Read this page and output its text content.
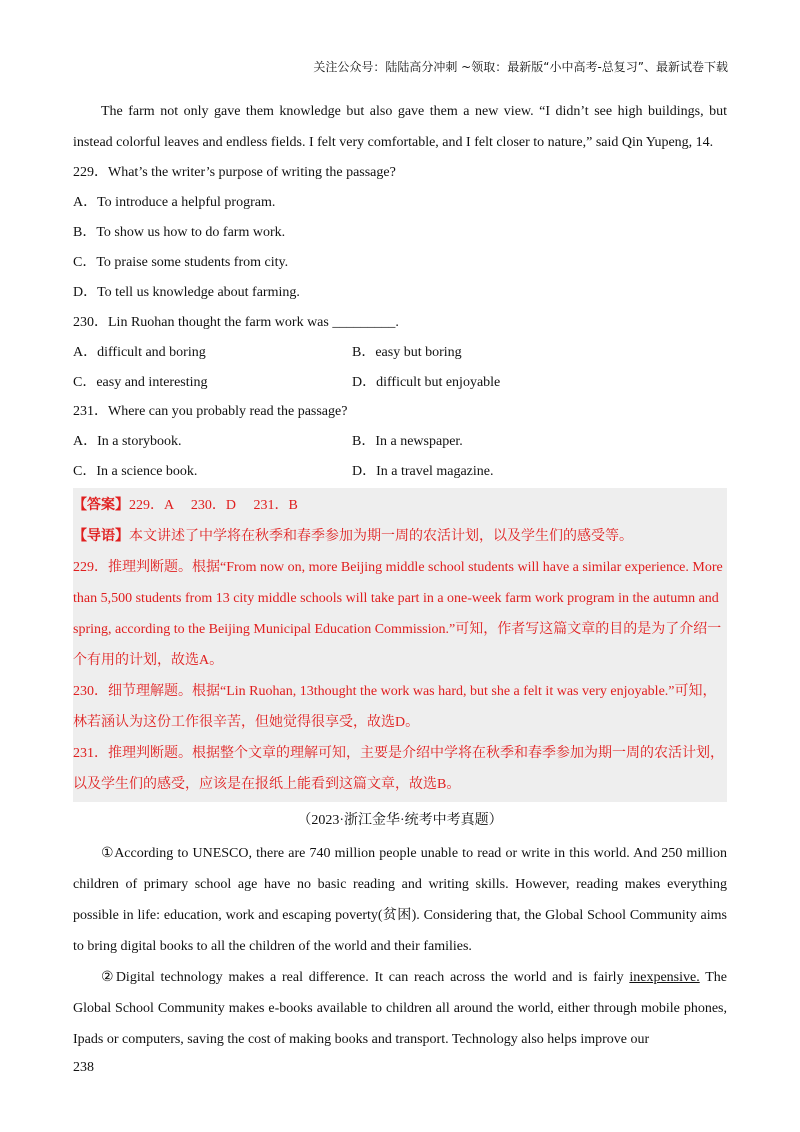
关注公众号：陆陆高分冲刺 ~领取：最新版“小中高考-总复习”、最新试卷下载

The farm not only gave them knowledge but also gave them a new view. “I didn’t see high buildings, but instead colorful leaves and endless fields. I felt very comfortable, and I felt closer to nature,” said Qin Yupeng, 14.

229．What’s the writer’s purpose of writing the passage?

A．To introduce a helpful program.

B．To show us how to do farm work.

C．To praise some students from city.

D．To tell us knowledge about farming.

230．Lin Ruohan thought the farm work was _________.

A．difficult and boring	B．easy but boring
C．easy and interesting	D．difficult but enjoyable

231．Where can you probably read the passage?

A．In a storybook.	B．In a newspaper.
C．In a science book.	D．In a travel magazine.

【答案】229．A 230．D 231．B

【导语】本文讲述了中学将在秋季和春季参加为期一周的农活计划，以及学生们的感受等。

229．推理判断题。根据“From now on, more Beijing middle school students will have a similar experience. More than 5,500 students from 13 city middle schools will take part in a one-week farm work program in the autumn and spring, according to the Beijing Municipal Education Commission.”可知，作者写这篇文章的目的是为了介绍一个有用的计划，故选A。

230．细节理解题。根据“Lin Ruohan, 13thought the work was hard, but she a felt it was very enjoyable.”可知，林若涵认为这份工作很辛苦，但她觉得很享受，故选D。

231．推理判断题。根据整个文章的理解可知，主要是介绍中学将在秋季和春季参加为期一周的农活计划，以及学生们的感受，应该是在报纸上能看到这篇文章，故选B。

（2023·浙江金华·统考中考真题）

①According to UNESCO, there are 740 million people unable to read or write in this world. And 250 million children of primary school age have no basic reading and writing skills. However, reading makes everything possible in life: education, work and escaping poverty(贫困). Considering that, the Global School Community aims to bring digital books to all the children of the world and their families.

②Digital technology makes a real difference. It can reach across the world and is fairly inexpensive. The Global School Community makes e-books available to children all around the world, either through mobile phones, Ipads or computers, saving the cost of making books and transport. Technology also helps improve our

238
